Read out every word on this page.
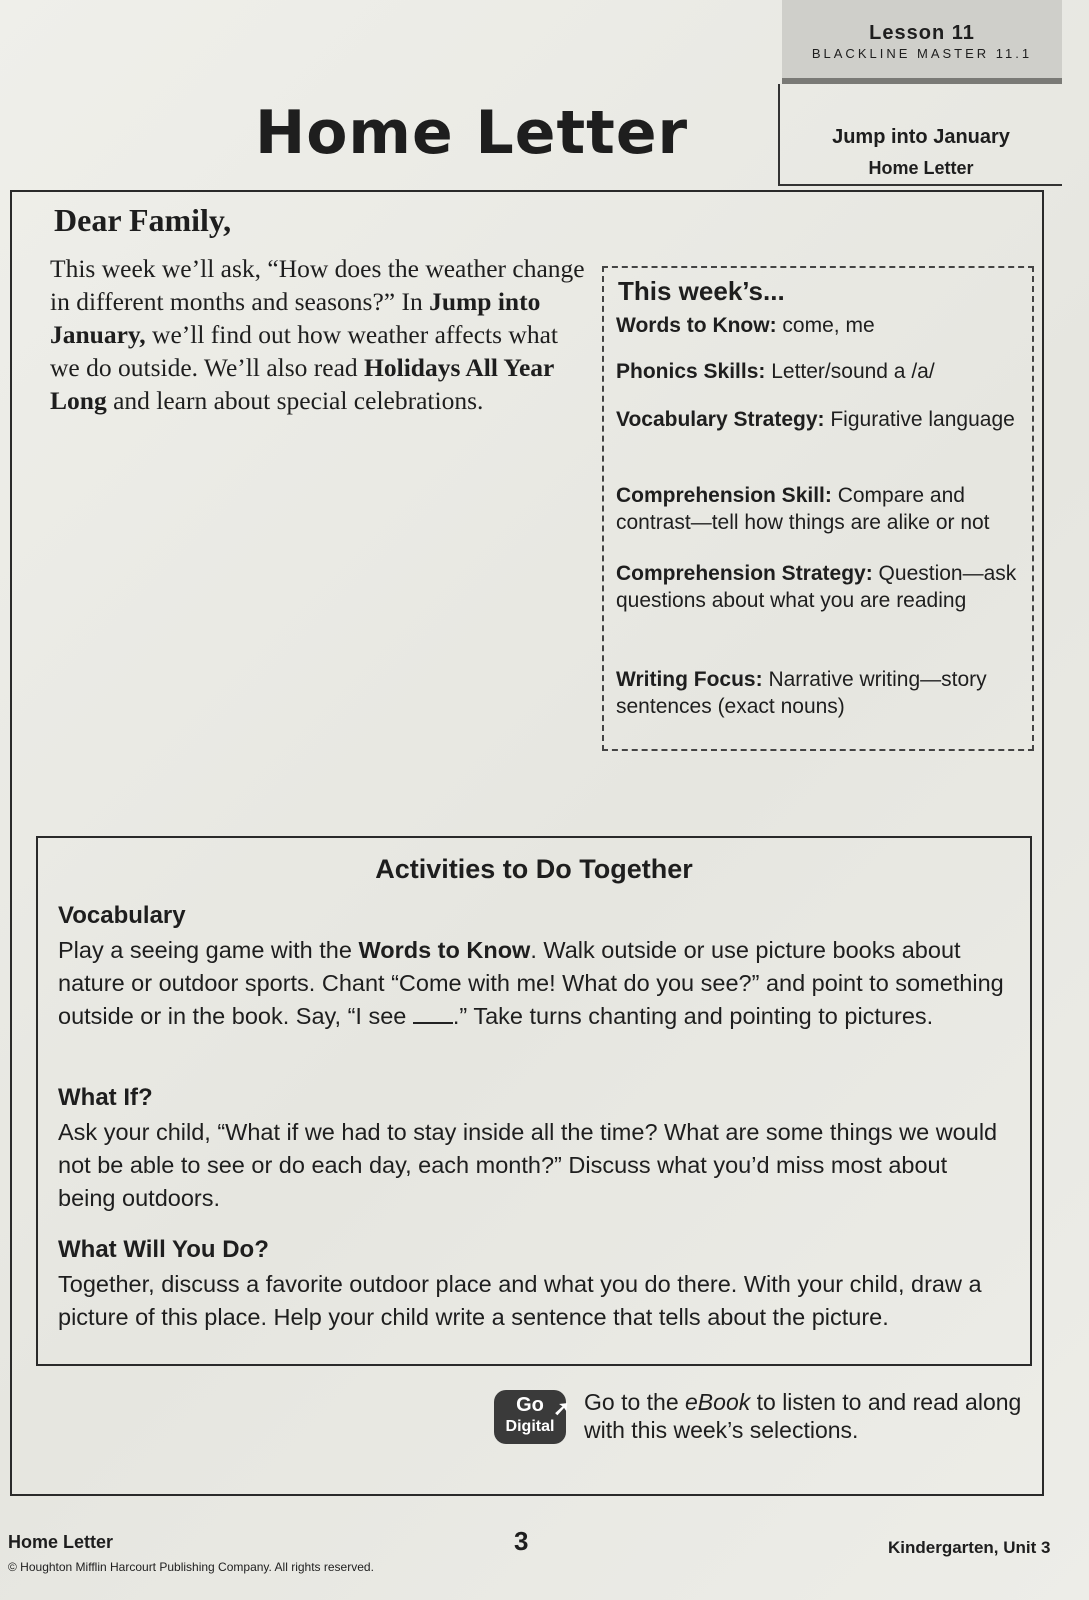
Lesson 11
BLACKLINE MASTER 11.1
Jump into January
Home Letter
Home Letter
Dear Family,
This week we’ll ask, “How does the weather change in different months and seasons?” In Jump into January, we’ll find out how weather affects what we do outside. We’ll also read Holidays All Year Long and learn about special celebrations.
This week’s...
Words to Know: come, me
Phonics Skills: Letter/sound a /a/
Vocabulary Strategy: Figurative language
Comprehension Skill: Compare and contrast—tell how things are alike or not
Comprehension Strategy: Question—ask questions about what you are reading
Writing Focus: Narrative writing—story sentences (exact nouns)
Activities to Do Together
Vocabulary
Play a seeing game with the Words to Know. Walk outside or use picture books about nature or outdoor sports. Chant “Come with me! What do you see?” and point to something outside or in the book. Say, “I see .” Take turns chanting and pointing to pictures.
What If?
Ask your child, “What if we had to stay inside all the time? What are some things we would not be able to see or do each day, each month?” Discuss what you’d miss most about being outdoors.
What Will You Do?
Together, discuss a favorite outdoor place and what you do there. With your child, draw a picture of this place. Help your child write a sentence that tells about the picture.
Go
Digital
➚ Go to the eBook to listen to and read along with this week’s selections.
Home Letter
© Houghton Mifflin Harcourt Publishing Company. All rights reserved.
3	Kindergarten, Unit 3
